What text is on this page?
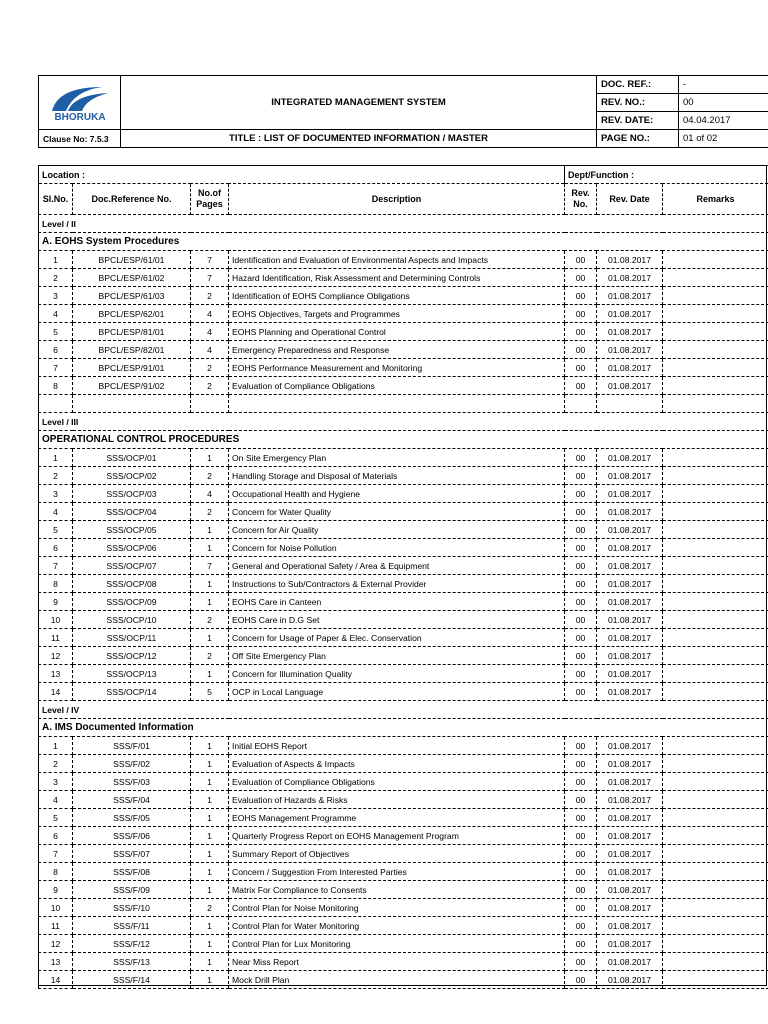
BHORUKA	INTEGRATED MANAGEMENT SYSTEM	DOC. REF.:	-
		REV. NO.:	00
		REV. DATE:	04.04.2017
Clause No: 7.5.3	TITLE : LIST OF DOCUMENTED INFORMATION / MASTER	PAGE NO.:	01 of 02
Location :				Dept/Function :		
Sl.No.	Doc.Reference No.	No.of Pages	Description	Rev. No.	Rev. Date	Remarks
Level / II						
A. EOHS System Procedures						
1	BPCL/ESP/61/01	7	Identification and Evaluation of Environmental Aspects and Impacts	00	01.08.2017	
2	BPCL/ESP/61/02	7	Hazard Identification, Risk Assessment and Determining Controls	00	01.08.2017	
3	BPCL/ESP/61/03	2	Identification of EOHS Compliance Obligations	00	01.08.2017	
4	BPCL/ESP/62/01	4	EOHS Objectives, Targets and Programmes	00	01.08.2017	
5	BPCL/ESP/81/01	4	EOHS Planning and Operational Control	00	01.08.2017	
6	BPCL/ESP/82/01	4	Emergency Preparedness and Response	00	01.08.2017	
7	BPCL/ESP/91/01	2	EOHS Performance Measurement and Monitoring	00	01.08.2017	
8	BPCL/ESP/91/02	2	Evaluation of Compliance Obligations	00	01.08.2017	

Level / III						
OPERATIONAL CONTROL PROCEDURES						
1	SSS/OCP/01	1	On Site Emergency Plan	00	01.08.2017	
2	SSS/OCP/02	2	Handling Storage and Disposal of Materials	00	01.08.2017	
3	SSS/OCP/03	4	Occupational Health and Hygiene	00	01.08.2017	
4	SSS/OCP/04	2	Concern for Water Quality	00	01.08.2017	
5	SSS/OCP/05	1	Concern for Air Quality	00	01.08.2017	
6	SSS/OCP/06	1	Concern for Noise Pollution	00	01.08.2017	
7	SSS/OCP/07	7	General and Operational Safety / Area & Equipment	00	01.08.2017	
8	SSS/OCP/08	1	Instructions to Sub/Contractors & External Provider	00	01.08.2017	
9	SSS/OCP/09	1	EOHS Care in Canteen	00	01.08.2017	
10	SSS/OCP/10	2	EOHS Care in D.G Set	00	01.08.2017	
11	SSS/OCP/11	1	Concern for Usage of Paper & Elec. Conservation	00	01.08.2017	
12	SSS/OCP/12	2	Off Site Emergency Plan	00	01.08.2017	
13	SSS/OCP/13	1	Concern for Illumination Quality	00	01.08.2017	
14	SSS/OCP/14	5	OCP in Local Language	00	01.08.2017	
Level / IV						
A. IMS Documented Information						
1	SSS/F/01	1	Initial EOHS Report	00	01.08.2017	
2	SSS/F/02	1	Evaluation of Aspects & Impacts	00	01.08.2017	
3	SSS/F/03	1	Evaluation of Compliance Obligations	00	01.08.2017	
4	SSS/F/04	1	Evaluation of Hazards & Risks	00	01.08.2017	
5	SSS/F/05	1	EOHS Management Programme	00	01.08.2017	
6	SSS/F/06	1	Quarterly Progress Report on EOHS Management Program	00	01.08.2017	
7	SSS/F/07	1	Summary Report of Objectives	00	01.08.2017	
8	SSS/F/08	1	Concern / Suggestion From Interested Parties	00	01.08.2017	
9	SSS/F/09	1	Matrix For Compliance to Consents	00	01.08.2017	
10	SSS/F/10	2	Control Plan for Noise Monitoring	00	01.08.2017	
11	SSS/F/11	1	Control Plan for Water Monitoring	00	01.08.2017	
12	SSS/F/12	1	Control Plan for Lux Monitoring	00	01.08.2017	
13	SSS/F/13	1	Near Miss Report	00	01.08.2017	
14	SSS/F/14	1	Mock Drill Plan	00	01.08.2017	
